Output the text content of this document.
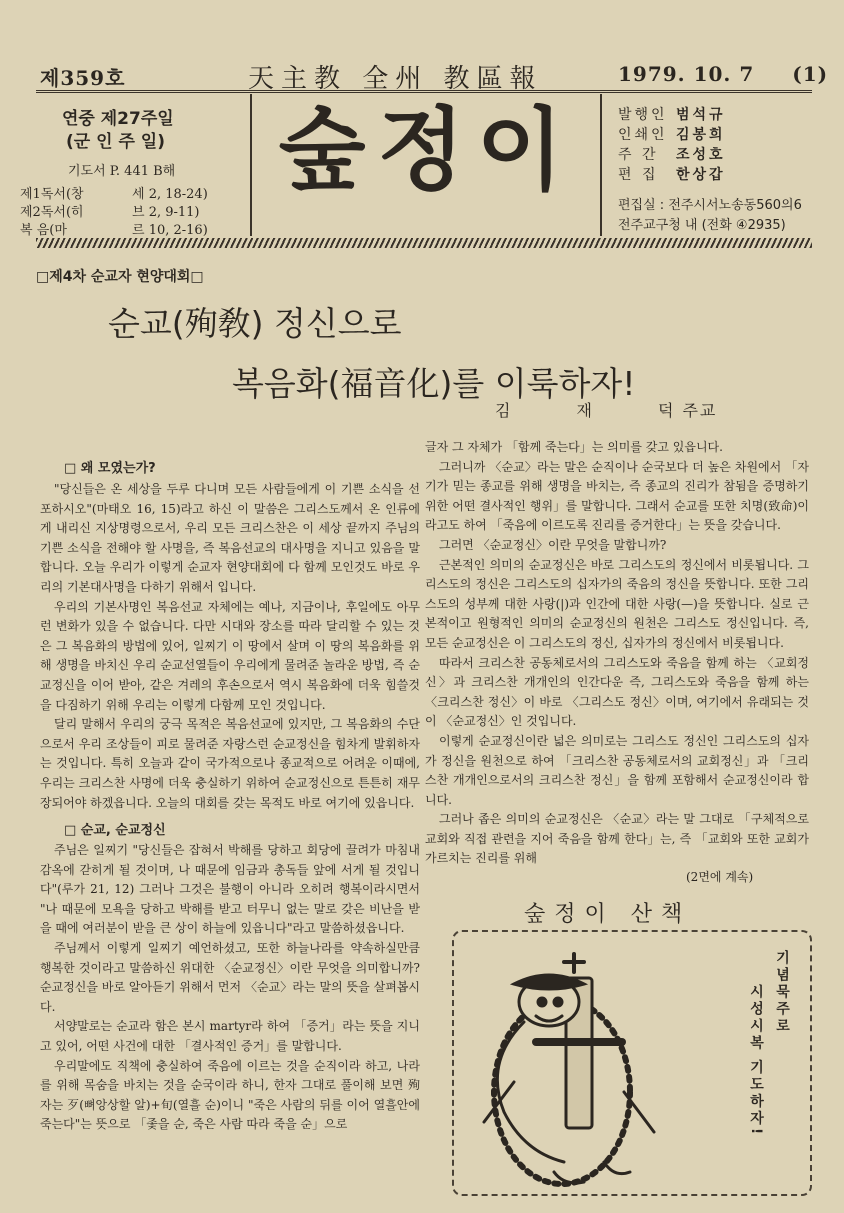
제359호	天主教 全州 教區報	1979. 10. 7 (1)
연중 제27주일
(군 인 주 일)
기도서 P. 441 B해
제1독서(창	세 2, 18-24)
제2독서(히	브 2, 9-11)
복 음(마	르 10, 2-16)
숲정이	발행인 범석규
인쇄인 김봉희
주 간	조성호
편 집	한상갑
편집실 : 전주시서노송동560의6
전주교구청 내 (전화 ④2935)
□제4차 순교자 현양대회□
순교(殉敎) 정신으로
복음화(福音化)를 이룩하자!
김	재	덕 주교
□ 왜 모였는가?

"당신들은 온 세상을 두루 다니며 모든 사람들에게 이 기쁜 소식을 선포하시오"(마태오 16, 15)라고 하신 이 말씀은 그리스도께서 온 인류에게 내리신 지상명령으로서, 우리 모든 크리스찬은 이 세상 끝까지 주님의 기쁜 소식을 전해야 할 사명을, 즉 복음선교의 대사명을 지니고 있음을 말합니다. 오늘 우리가 이렇게 순교자 현양대회에 다 함께 모인것도 바로 우리의 기본대사명을 다하기 위해서 입니다.

우리의 기본사명인 복음선교 자체에는 예나, 지금이나, 후일에도 아무런 변화가 있을 수 없습니다. 다만 시대와 장소를 따라 달리할 수 있는 것은 그 복음화의 방법에 있어, 일찌기 이 땅에서 살며 이 땅의 복음화를 위해 생명을 바치신 우리 순교선열들이 우리에게 물려준 놀라운 방법, 즉 순교정신을 이어 받아, 같은 겨레의 후손으로서 역시 복음화에 더욱 힘쓸것을 다짐하기 위해 우리는 이렇게 다함께 모인 것입니다.

달리 말해서 우리의 궁극 목적은 복음선교에 있지만, 그 복음화의 수단으로서 우리 조상들이 피로 물려준 자랑스런 순교정신을 힘차게 발휘하자는 것입니다. 특히 오늘과 같이 국가적으로나 종교적으로 어려운 이때에, 우리는 크리스찬 사명에 더욱 충실하기 위하여 순교정신으로 튼튼히 재무장되어야 하겠읍니다. 오늘의 대회를 갖는 목적도 바로 여기에 있읍니다.

□ 순교, 순교정신

주님은 일찌기 "당신들은 잡혀서 박해를 당하고 회당에 끌려가 마침내 감옥에 갇히게 될 것이며, 나 때문에 임금과 총독들 앞에 서게 될 것입니다"(루가 21, 12) 그러나 그것은 불행이 아니라 오히려 행복이라시면서 "나 때문에 모욕을 당하고 박해를 받고 터무니 없는 말로 갖은 비난을 받을 때에 여러분이 받을 큰 상이 하늘에 있읍니다"라고 말씀하셨읍니다.

주님께서 이렇게 일찌기 예언하셨고, 또한 하늘나라를 약속하실만큼 행복한 것이라고 말씀하신 위대한 〈순교정신〉이란 무엇을 의미합니까? 순교정신을 바로 알아듣기 위해서 먼저 〈순교〉라는 말의 뜻을 살펴봅시다.

서양말로는 순교라 함은 본시 martyr라 하여 「증거」라는 뜻을 지니고 있어, 어떤 사건에 대한 「결사적인 증거」를 말합니다.

우리말에도 직책에 충실하여 죽음에 이르는 것을 순직이라 하고, 나라를 위해 목숨을 바치는 것을 순국이라 하니, 한자 그대로 풀이해 보면 殉자는 歹(뼈앙상할 알)+旬(열흘 순)이니 "죽은 사람의 뒤를 이어 열흘안에 죽는다"는 뜻으로 「좇을 순, 죽은 사람 따라 죽을 순」으로

글자 그 자체가 「함께 죽는다」는 의미를 갖고 있읍니다.

그러니까 〈순교〉라는 말은 순직이나 순국보다 더 높은 차원에서 「자기가 믿는 종교를 위해 생명을 바치는, 즉 종교의 진리가 참됨을 증명하기 위한 어떤 결사적인 행위」를 말합니다. 그래서 순교를 또한 치명(致命)이라고도 하여 「죽음에 이르도록 진리를 증거한다」는 뜻을 갖습니다.

그러면 〈순교정신〉이란 무엇을 말합니까?

근본적인 의미의 순교정신은 바로 그리스도의 정신에서 비롯됩니다. 그리스도의 정신은 그리스도의 십자가의 죽음의 정신을 뜻합니다. 또한 그리스도의 성부께 대한 사랑(|)과 인간에 대한 사랑(—)을 뜻합니다. 실로 근본적이고 원형적인 의미의 순교정신의 원천은 그리스도 정신입니다. 즉, 모든 순교정신은 이 그리스도의 정신, 십자가의 정신에서 비롯됩니다.

따라서 크리스찬 공동체로서의 그리스도와 죽음을 함께 하는 〈교회정신〉과 크리스찬 개개인의 인간다운 즉, 그리스도와 죽음을 함께 하는 〈크리스찬 정신〉이 바로 〈그리스도 정신〉이며, 여기에서 유래되는 것이 〈순교정신〉인 것입니다.

이렇게 순교정신이란 넓은 의미로는 그리스도 정신인 그리스도의 십자가 정신을 원천으로 하여 「크리스찬 공동체로서의 교회정신」과 「크리스찬 개개인으로서의 크리스찬 정신」을 함께 포함해서 순교정신이라 합니다.

그러나 좁은 의미의 순교정신은 〈순교〉라는 말 그대로 「구체적으로 교회와 직접 관련을 지어 죽음을 함께 한다」는, 즉 「교회와 또한 교회가 가르치는 진리를 위해

(2면에 계속)
숲정이 산책
기념묵주로
시성시복 기도하자!
